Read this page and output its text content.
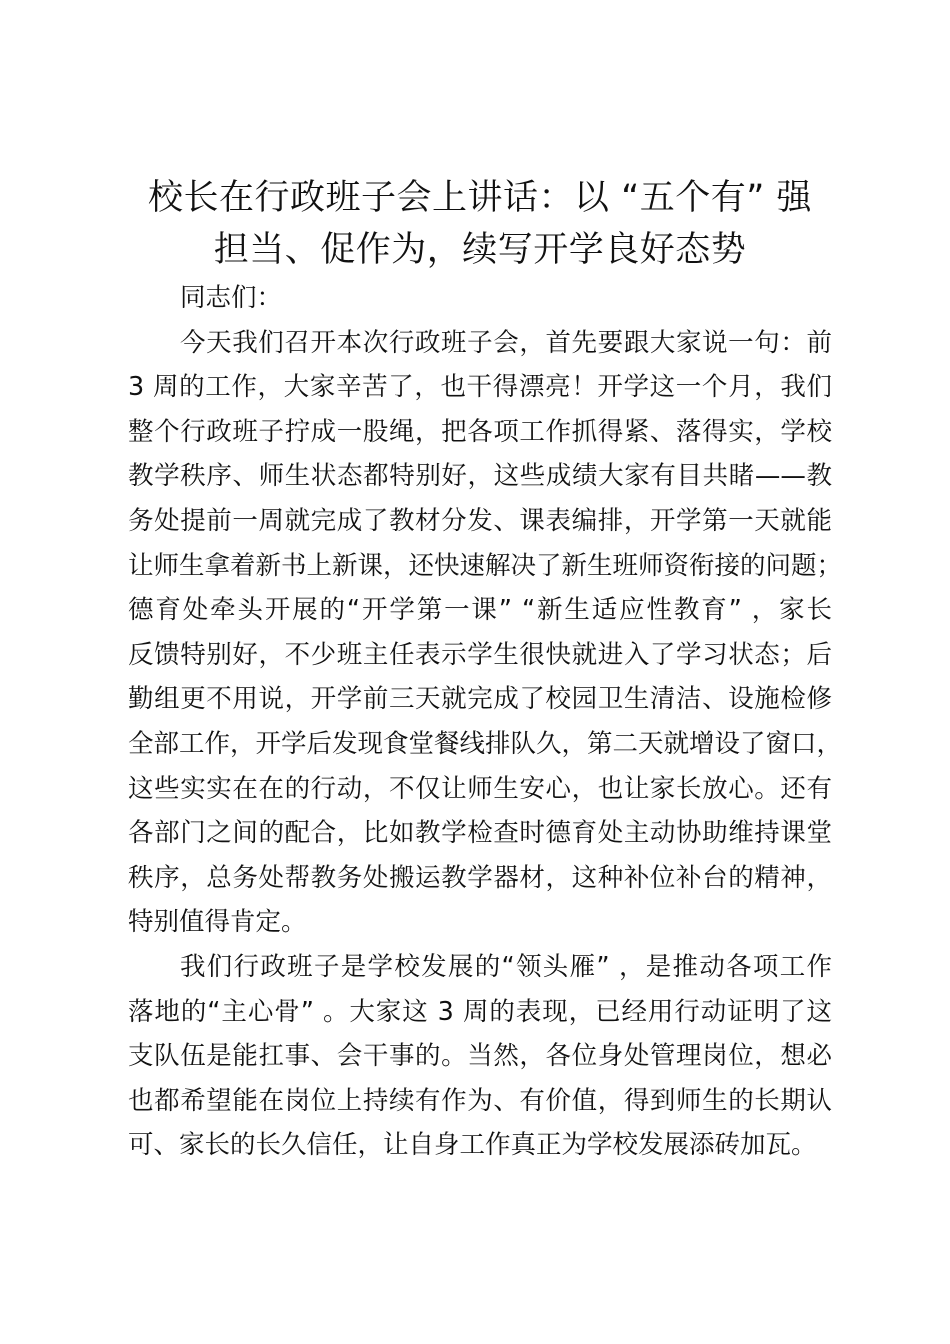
校长在行政班子会上讲话：以 “五个有” 强
担当、促作为，续写开学良好态势
同志们：
今天我们召开本次行政班子会，首先要跟大家说一句：前
3 周的工作，大家辛苦了，也干得漂亮！开学这一个月，我们
整个行政班子拧成一股绳，把各项工作抓得紧、落得实，学校
教学秩序、师生状态都特别好，这些成绩大家有目共睹——教
务处提前一周就完成了教材分发、课表编排，开学第一天就能
让师生拿着新书上新课，还快速解决了新生班师资衔接的问题；
德育处牵头开展的“开学第一课” “新生适应性教育” ，家长
反馈特别好，不少班主任表示学生很快就进入了学习状态；后
勤组更不用说，开学前三天就完成了校园卫生清洁、设施检修
全部工作，开学后发现食堂餐线排队久，第二天就增设了窗口，
这些实实在在的行动，不仅让师生安心，也让家长放心。还有
各部门之间的配合，比如教学检查时德育处主动协助维持课堂
秩序，总务处帮教务处搬运教学器材，这种补位补台的精神，
特别值得肯定。
我们行政班子是学校发展的“领头雁” ，是推动各项工作
落地的“主心骨” 。大家这 3 周的表现，已经用行动证明了这
支队伍是能扛事、会干事的。当然，各位身处管理岗位，想必
也都希望能在岗位上持续有作为、有价值，得到师生的长期认
可、家长的长久信任，让自身工作真正为学校发展添砖加瓦。
